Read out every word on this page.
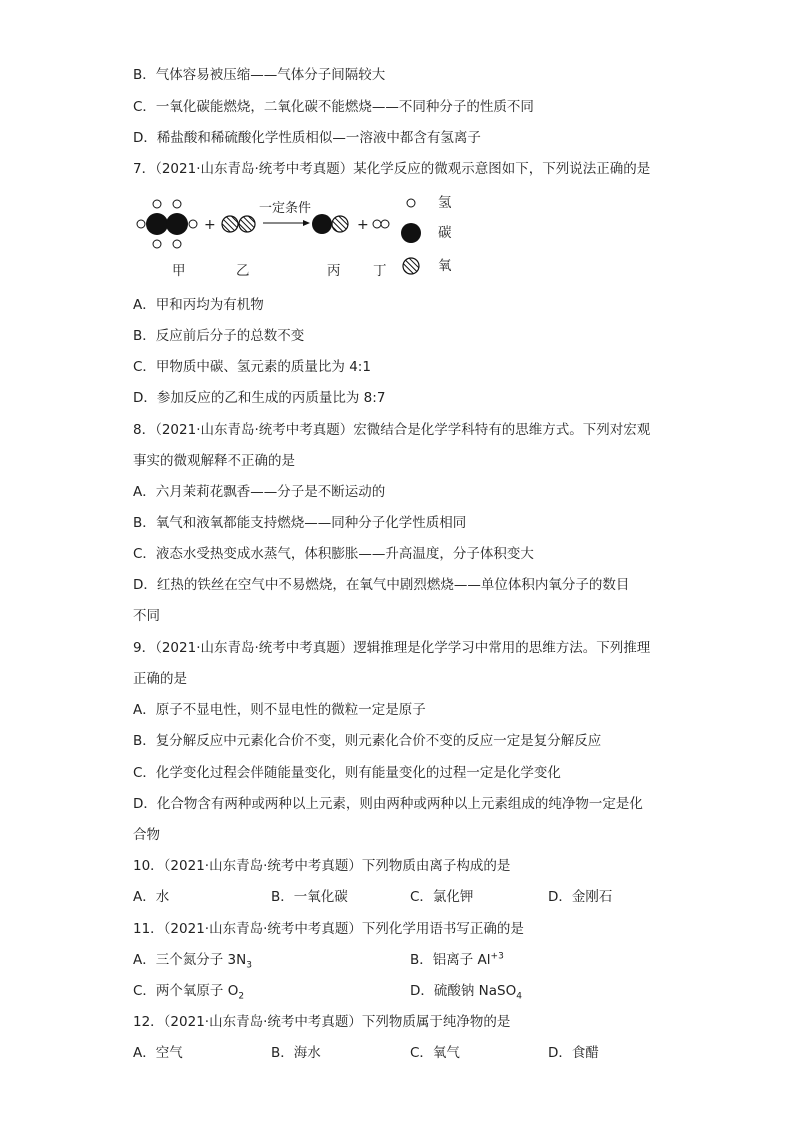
B．气体容易被压缩——气体分子间隔较大
C．一氧化碳能燃烧，二氧化碳不能燃烧——不同种分子的性质不同
D．稀盐酸和稀硫酸化学性质相似—一溶液中都含有氢离子
7．（2021·山东青岛·统考中考真题）某化学反应的微观示意图如下，下列说法正确的是
+
一定条件
+
氢
碳
氧
甲	乙	丙 丁
A．甲和丙均为有机物
B．反应前后分子的总数不变
C．甲物质中碳、氢元素的质量比为 4:1
D．参加反应的乙和生成的丙质量比为 8:7
8．（2021·山东青岛·统考中考真题）宏微结合是化学学科特有的思维方式。下列对宏观
事实的微观解释不正确的是
A．六月茉莉花飘香——分子是不断运动的
B．氧气和液氧都能支持燃烧——同种分子化学性质相同
C．液态水受热变成水蒸气，体积膨胀——升高温度，分子体积变大
D．红热的铁丝在空气中不易燃烧，在氧气中剧烈燃烧——单位体积内氧分子的数目
不同
9．（2021·山东青岛·统考中考真题）逻辑推理是化学学习中常用的思维方法。下列推理
正确的是
A．原子不显电性，则不显电性的微粒一定是原子
B．复分解反应中元素化合价不变，则元素化合价不变的反应一定是复分解反应
C．化学变化过程会伴随能量变化，则有能量变化的过程一定是化学变化
D．化合物含有两种或两种以上元素，则由两种或两种以上元素组成的纯净物一定是化
合物
10．（2021·山东青岛·统考中考真题）下列物质由离子构成的是
A．水	B．一氧化碳	C．氯化钾	D．金刚石
11．（2021·山东青岛·统考中考真题）下列化学用语书写正确的是
A．三个氮分子 $3N_3$	B．铝离子 $Al^{+3}$
C．两个氧原子 $O_2$	D．硫酸钠 NaSO$_4$
12．（2021·山东青岛·统考中考真题）下列物质属于纯净物的是
A．空气	B．海水	C．氧气	D．食醋
